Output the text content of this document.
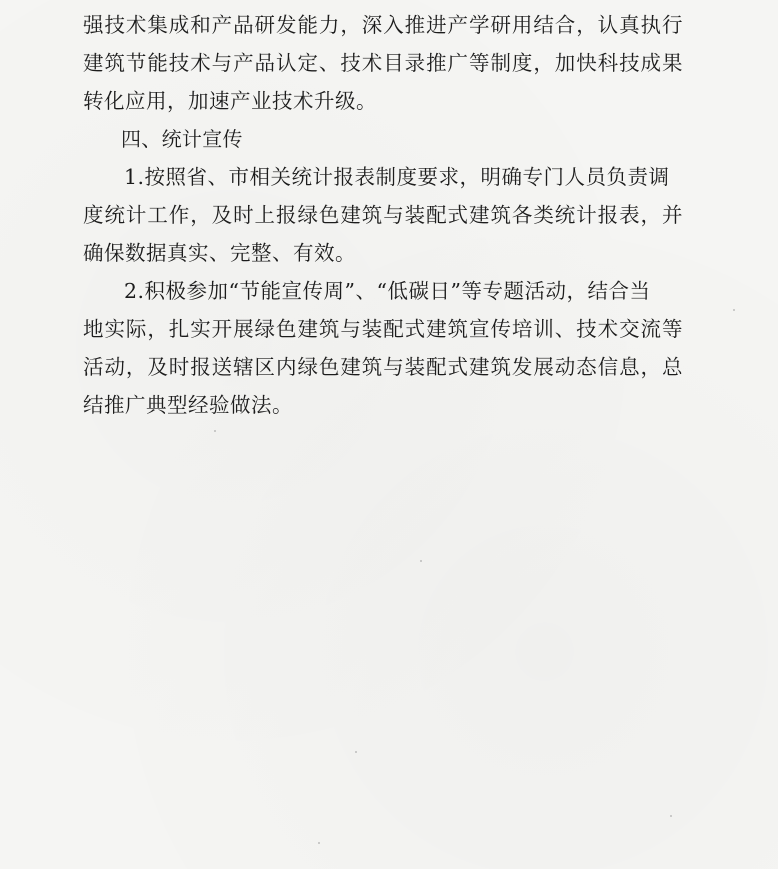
强技术集成和产品研发能力，深入推进产学研用结合，认真执行
建筑节能技术与产品认定、技术目录推广等制度，加快科技成果
转化应用，加速产业技术升级。
四、统计宣传
1.按照省、市相关统计报表制度要求，明确专门人员负责调
度统计工作，及时上报绿色建筑与装配式建筑各类统计报表，并
确保数据真实、完整、有效。
2.积极参加“节能宣传周”、“低碳日”等专题活动，结合当
地实际，扎实开展绿色建筑与装配式建筑宣传培训、技术交流等
活动，及时报送辖区内绿色建筑与装配式建筑发展动态信息，总
结推广典型经验做法。
